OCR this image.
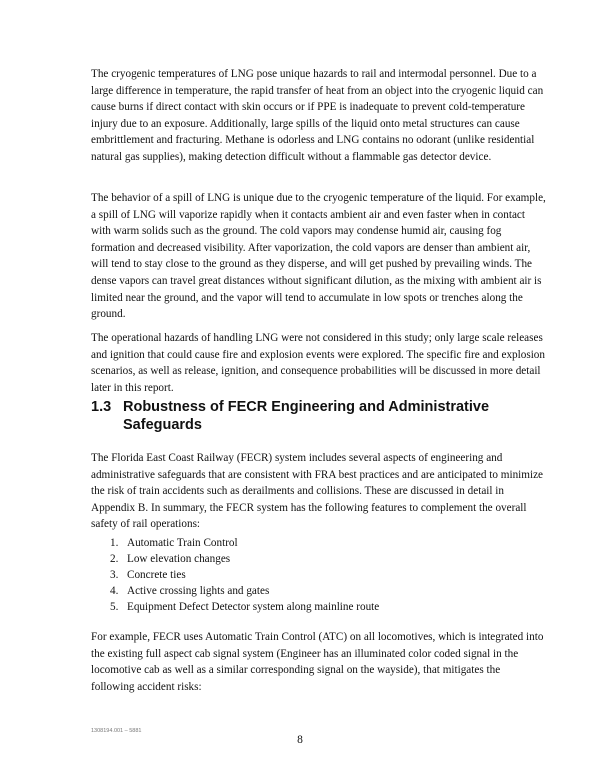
The cryogenic temperatures of LNG pose unique hazards to rail and intermodal personnel. Due to a large difference in temperature, the rapid transfer of heat from an object into the cryogenic liquid can cause burns if direct contact with skin occurs or if PPE is inadequate to prevent cold-temperature injury due to an exposure. Additionally, large spills of the liquid onto metal structures can cause embrittlement and fracturing. Methane is odorless and LNG contains no odorant (unlike residential natural gas supplies), making detection difficult without a flammable gas detector device.

The behavior of a spill of LNG is unique due to the cryogenic temperature of the liquid. For example, a spill of LNG will vaporize rapidly when it contacts ambient air and even faster when in contact with warm solids such as the ground. The cold vapors may condense humid air, causing fog formation and decreased visibility. After vaporization, the cold vapors are denser than ambient air, will tend to stay close to the ground as they disperse, and will get pushed by prevailing winds. The dense vapors can travel great distances without significant dilution, as the mixing with ambient air is limited near the ground, and the vapor will tend to accumulate in low spots or trenches along the ground.

The operational hazards of handling LNG were not considered in this study; only large scale releases and ignition that could cause fire and explosion events were explored. The specific fire and explosion scenarios, as well as release, ignition, and consequence probabilities will be discussed in more detail later in this report.

1.3 Robustness of FECR Engineering and Administrative Safeguards

The Florida East Coast Railway (FECR) system includes several aspects of engineering and administrative safeguards that are consistent with FRA best practices and are anticipated to minimize the risk of train accidents such as derailments and collisions. These are discussed in detail in Appendix B. In summary, the FECR system has the following features to complement the overall safety of rail operations:

1. Automatic Train Control
2. Low elevation changes
3. Concrete ties
4. Active crossing lights and gates
5. Equipment Defect Detector system along mainline route

For example, FECR uses Automatic Train Control (ATC) on all locomotives, which is integrated into the existing full aspect cab signal system (Engineer has an illuminated color coded signal in the locomotive cab as well as a similar corresponding signal on the wayside), that mitigates the following accident risks:

1308194.001 – 5881
8
